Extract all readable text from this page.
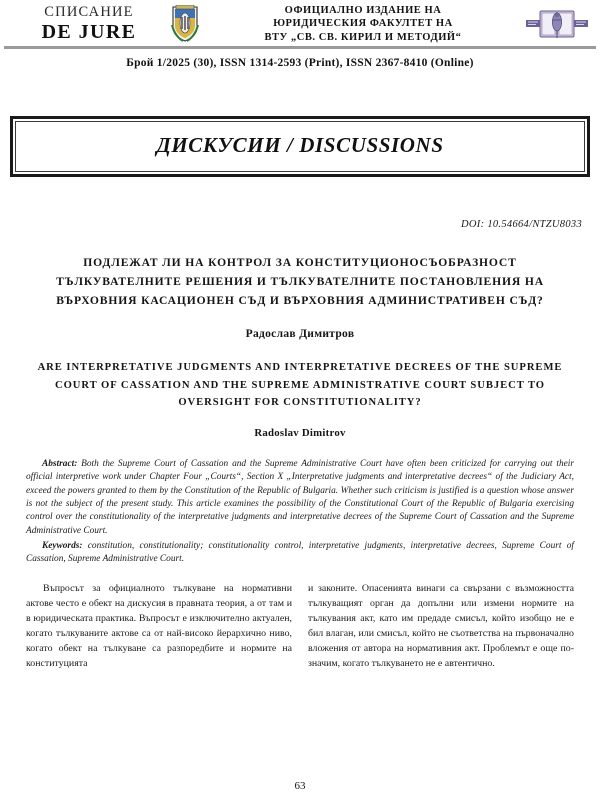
СПИСАНИЕ
DE JURE
ОФИЦИАЛНО ИЗДАНИЕ НА
ЮРИДИЧЕСКИЯ ФАКУЛТЕТ НА
ВТУ „СВ. СВ. КИРИЛ И МЕТОДИЙ“
Брой 1/2025 (30), ISSN 1314-2593 (Print), ISSN 2367-8410 (Online)
ДИСКУСИИ / DISCUSSIONS
DOI: 10.54664/NTZU8033
ПОДЛЕЖАТ ЛИ НА КОНТРОЛ ЗА КОНСТИТУЦИОНОСЪОБРАЗНОСТ ТЪЛКУВАТЕЛНИТЕ РЕШЕНИЯ И ТЪЛКУВАТЕЛНИТЕ ПОСТАНОВЛЕНИЯ НА ВЪРХОВНИЯ КАСАЦИОНЕН СЪД И ВЪРХОВНИЯ АДМИНИСТРАТИВЕН СЪД?
Радослав Димитров
ARE INTERPRETATIVE JUDGMENTS AND INTERPRETATIVE DECREES OF THE SUPREME COURT OF CASSATION AND THE SUPREME ADMINISTRATIVE COURT SUBJECT TO OVERSIGHT FOR CONSTITUTIONALITY?
Radoslav Dimitrov

Abstract: Both the Supreme Court of Cassation and the Supreme Administrative Court have often been criticized for carrying out their official interpretive work under Chapter Four „Courts“, Section X „Interpretative judgments and interpretative decrees“ of the Judiciary Act, exceed the powers granted to them by the Constitution of the Republic of Bulgaria. Whether such criticism is justified is a question whose answer is not the subject of the present study. This article examines the possibility of the Constitutional Court of the Republic of Bulgaria exercising control over the constitutionality of the interpretative judgments and interpretative decrees of the Supreme Court of Cassation and the Supreme Administrative Court.

Keywords: constitution, constitutionality; constitutionality control, interpretative judgments, interpretative decrees, Supreme Court of Cassation, Supreme Administrative Court.

Въпросът за официалното тълкуване на нормативни актове често е обект на дискусия в правната теория, а от там и в юридическата практика. Въпросът е изключително актуален, когато тълкуваните актове са от най-високо йерархично ниво, когато обект на тълкуване са разпоредбите и нормите на конституцията

и законите. Опасенията винаги са свързани с възможността тълкуващият орган да допълни или измени нормите на тълкувания акт, като им предаде смисъл, който изобщо не е бил влаган, или смисъл, който не съответства на първоначално вложения от автора на нормативния акт. Проблемът е още по-значим, когато тълкуването не е автентично.

63
